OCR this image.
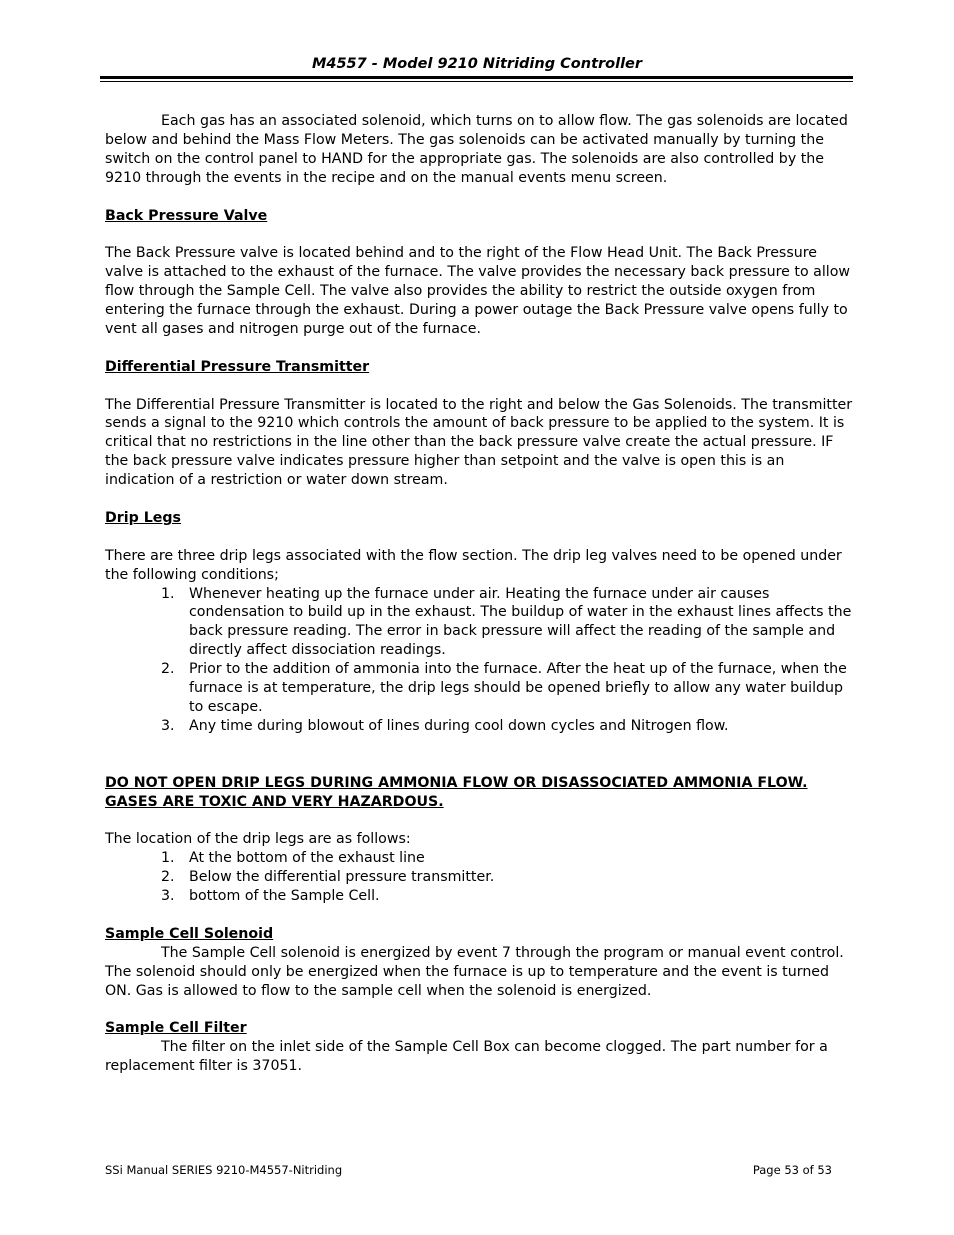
M4557 - Model 9210 Nitriding Controller

Each gas has an associated solenoid, which turns on to allow flow. The gas solenoids are located below and behind the Mass Flow Meters. The gas solenoids can be activated manually by turning the switch on the control panel to HAND for the appropriate gas. The solenoids are also controlled by the 9210 through the events in the recipe and on the manual events menu screen.

Back Pressure Valve

The Back Pressure valve is located behind and to the right of the Flow Head Unit. The Back Pressure valve is attached to the exhaust of the furnace. The valve provides the necessary back pressure to allow flow through the Sample Cell. The valve also provides the ability to restrict the outside oxygen from entering the furnace through the exhaust. During a power outage the Back Pressure valve opens fully to vent all gases and nitrogen purge out of the furnace.

Differential Pressure Transmitter

The Differential Pressure Transmitter is located to the right and below the Gas Solenoids. The transmitter sends a signal to the 9210 which controls the amount of back pressure to be applied to the system. It is critical that no restrictions in the line other than the back pressure valve create the actual pressure. IF the back pressure valve indicates pressure higher than setpoint and the valve is open this is an indication of a restriction or water down stream.

Drip Legs

There are three drip legs associated with the flow section. The drip leg valves need to be opened under the following conditions;

1. Whenever heating up the furnace under air. Heating the furnace under air causes condensation to build up in the exhaust. The buildup of water in the exhaust lines affects the back pressure reading. The error in back pressure will affect the reading of the sample and directly affect dissociation readings.
2. Prior to the addition of ammonia into the furnace. After the heat up of the furnace, when the furnace is at temperature, the drip legs should be opened briefly to allow any water buildup to escape.
3. Any time during blowout of lines during cool down cycles and Nitrogen flow.

DO NOT OPEN DRIP LEGS DURING AMMONIA FLOW OR DISASSOCIATED AMMONIA FLOW. GASES ARE TOXIC AND VERY HAZARDOUS.

The location of the drip legs are as follows:

1. At the bottom of the exhaust line
2. Below the differential pressure transmitter.
3. bottom of the Sample Cell.

Sample Cell Solenoid

The Sample Cell solenoid is energized by event 7 through the program or manual event control. The solenoid should only be energized when the furnace is up to temperature and the event is turned ON. Gas is allowed to flow to the sample cell when the solenoid is energized.

Sample Cell Filter

The filter on the inlet side of the Sample Cell Box can become clogged. The part number for a replacement filter is 37051.

SSi Manual SERIES 9210-M4557-Nitriding	Page 53 of 53
